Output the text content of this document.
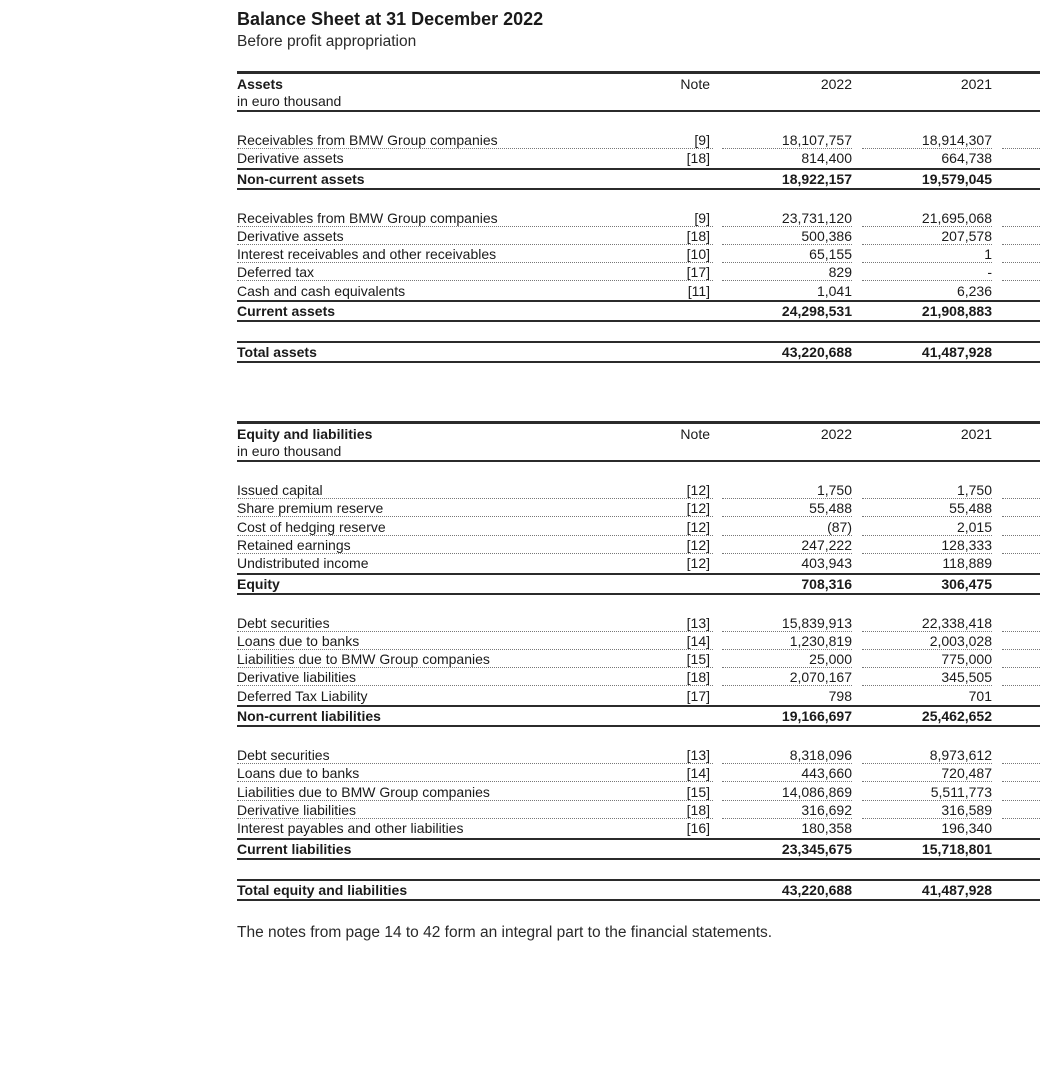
Balance Sheet at 31 December 2022

Before profit appropriation

Assets
in euro thousand
Note	2022	2021
Receivables from BMW Group companies	[9]	18,107,757	18,914,307
Derivative assets	[18]	814,400	664,738
Non-current assets	18,922,157	19,579,045
Receivables from BMW Group companies	[9]	23,731,120	21,695,068
Derivative assets	[18]	500,386	207,578
Interest receivables and other receivables	[10]	65,155	1
Deferred tax	[17]	829	-
Cash and cash equivalents	[11]	1,041	6,236
Current assets	24,298,531	21,908,883
Total assets	43,220,688	41,487,928
Equity and liabilities
in euro thousand
Note	2022	2021
Issued capital	[12]	1,750	1,750
Share premium reserve	[12]	55,488	55,488
Cost of hedging reserve	[12]	(87)	2,015
Retained earnings	[12]	247,222	128,333
Undistributed income	[12]	403,943	118,889
Equity	708,316	306,475
Debt securities	[13]	15,839,913	22,338,418
Loans due to banks	[14]	1,230,819	2,003,028
Liabilities due to BMW Group companies	[15]	25,000	775,000
Derivative liabilities	[18]	2,070,167	345,505
Deferred Tax Liability	[17]	798	701
Non-current liabilities	19,166,697	25,462,652
Debt securities	[13]	8,318,096	8,973,612
Loans due to banks	[14]	443,660	720,487
Liabilities due to BMW Group companies	[15]	14,086,869	5,511,773
Derivative liabilities	[18]	316,692	316,589
Interest payables and other liabilities	[16]	180,358	196,340
Current liabilities	23,345,675	15,718,801
Total equity and liabilities	43,220,688	41,487,928

The notes from page 14 to 42 form an integral part to the financial statements.
